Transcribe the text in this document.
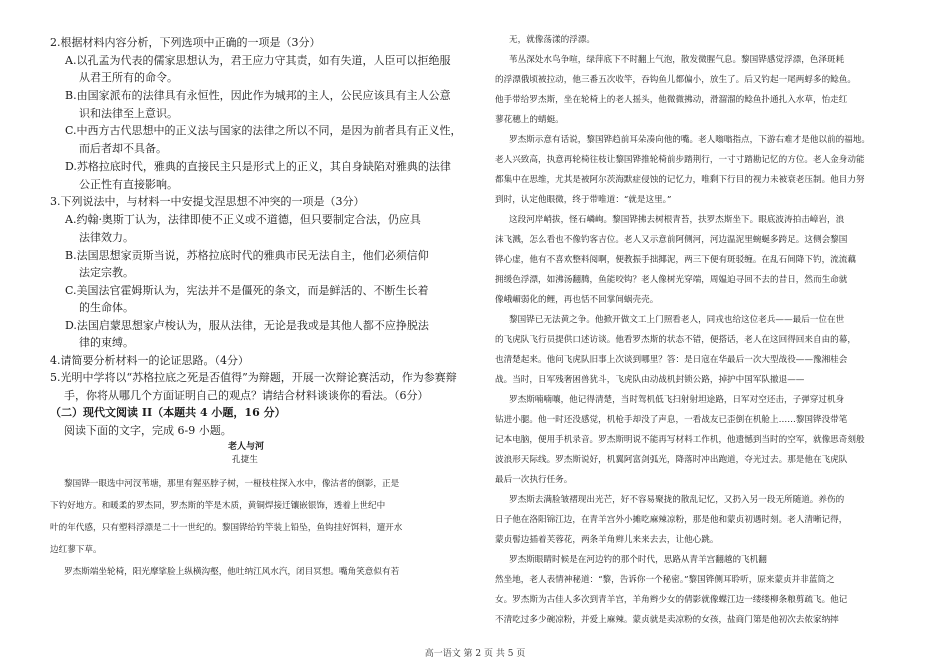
2.根据材料内容分析，下列选项中正确的一项是（3分）
A.以孔孟为代表的儒家思想认为，君王应力守其责，如有失道，人臣可以拒绝服
从君王所有的命令。
B.由国家派布的法律具有永恒性，因此作为城邦的主人，公民应该具有主人公意
识和法律至上意识。
C.中西方古代思想中的正义法与国家的法律之所以不同，是因为前者具有正义性，
而后者却不具备。
D.苏格拉底时代，雅典的直接民主只是形式上的正义，其自身缺陷对雅典的法律
公正性有直接影响。
3.下列说法中，与材料一中安提戈涅思想不冲突的一项是（3分）
A.约翰·奥斯丁认为，法律即使不正义或不道德，但只要制定合法，仍应具
法律效力。
B.法国思想家贡斯当说，苏格拉底时代的雅典市民无法自主，他们必须信仰
法定宗教。
C.美国法官霍姆斯认为，宪法并不是僵死的条文，而是鲜活的、不断生长着
的生命体。
D.法国启蒙思想家卢梭认为，服从法律，无论是我或是其他人都不应挣脱法
律的束缚。
4.请简要分析材料一的论证思路。（4分）
5.光明中学将以“苏格拉底之死是否值得”为辩题，开展一次辩论赛活动，作为参赛辩
手，你将从哪几个方面证明自己的观点？请结合材料谈谈你的看法。（6分）
（二）现代文阅读 II（本题共 4 小题，16 分）
阅读下面的文字，完成 6-9 小题。
老人与河
孔捷生
无，就像荡漾的浮漂。
苇丛深处水鸟争喧，绿萍底下不时翻上气泡，散发微腥气息。黎国铧感觉浮漂，色泽斑耗
的浮漂俄顷被拉动，他三番五次收竿，吞钩鱼儿都偏小，放生了。后又钓起一尾两蜉多的鲶鱼。
他手带给罗杰斯，坐在轮椅上的老人摇头，他微微拂动，滑溜溜的鲶鱼扑通扎入水草，怡走红
蓼花穗上的蜻蜓。
罗杰斯示意有话说，黎国铧趋前耳朵凑向他的嘴。老人嗡嗡指点，下游右难才是他以前的福地。
老人兴致高，执意再轮椅往枝让黎国铧推轮椅前步踏荆行，一寸寸踏勘记忆的方位。老人金身动能
都集中在思维，尤其是被阿尔茨海默症侵蚀的记忆力，唯剩下行目的视力未被衰老压制。他目力努
到时，认定他眼微，终于带唯道：“就是这里。”
这段河岸峭拔，怪石嶙峋。黎国铧拂去树根青苔，扶罗杰斯坐下。眼底波涛拍击嶂岩，浪
沫飞溅，怎么看也不像钓客吉位。老人又示意前阿侧河，河边温泥里蜿蜒多跨足。这侧会黎国
铧心虚，他有不喜欢整料阅啊，便教振手拙揶泥，两三下便有斑驳缠。在乱石间降下钓，流流藕
拥缓色浮漂，如沸汤翻腾，鱼能咬钩？老人像树光穿端，周媪迫寻回不去的昔日，然而生命就
像峨嵋弱化的鲤，再也恬不回掌间蜗壳壳。
黎国铧已无法黄之争。他掀开做文工上门照看老人，同戎也给这位老兵——最后一位在世
的飞虎队飞行员提供口述访谈。他看罗杰斯的状态不错，便搭话，老人在这回得回来自由的幕，
也清楚起来。他问飞虎队旧事上次谈到哪里？答：是日寇在华最后一次大型战役——豫湘桂会
战。当时，日军残奢困兽犹斗，飞虎队由动战机封锁公路，掉护中国军队撤退——
罗杰斯喃喃嚷，他记得清楚，当时驾机低飞扫射射坦途路，日军对空还击，子弹穿过机身
钻进小腿。他一时还没感觉，机枪手却没了声息，一看战友已歪倒在机舱上……黎国铧没带笔
记本电脑，便用手机录音。罗杰斯明说不能再写材料工作机，他遗憾到当时的空军，就像思奇刻般
波浪形天际线。罗杰斯说好，机翼阿富剑弧光，降落时冲出跑道，夺光过去。那是他在飞虎队
最后一次执行任务。
罗杰斯去满脸皱褶现出光芒，好不容易聚拢的散乱记忆，又扔入另一段无所随道。养伤的
日子他在洛阳锦江边，在青羊宫外小摊吃麻辣凉粉，那是他和蒙贞初遇时刻。老人清晰记得，
蒙贞髻边插着芙蓉花，两条羊角辫儿来来去去，让他心跳。
罗杰斯眼睛时候是在河边钓的那个时代，思路从青羊宫翻越的飞机翻
然坐地，老人表情神秘道：“黎，告诉你一个秘密。”黎国铧侧耳聆听，原来蒙贞并非蓝筒之
女。罗杰斯为古佳人多次到青羊宫，羊角辫少女的倩影就像蝶江边一缕缕柳条粮剪疏飞。他记
不清吃过多少碗凉粉，并爱上麻辣。蒙贞就是卖凉粉的女孩，盐商门第是他初次去侬家纳摔
黎国铧一眼选中河汊苇塘，那里有猩巫脖子树，一桠枝柱探入水中，像沽者的倒影，正是
下钓好地方。和暖柔的罗杰同，罗杰斯的竿是木质，黄铜焊接迁镶嵌银饰，透着上世纪中
叶的年代感，只有塑料浮漂是二十一世纪的。黎国铧给钓竿装上铅坠，鱼钩挂好饵料，遛开水
边红蓼下草。
罗杰斯端坐轮椅，阳光摩挲脸上纵横沟壑，他吐纳江风水汽，闭目冥想。嘴角笑意似有若
高一语文 第 2 页 共 5 页
